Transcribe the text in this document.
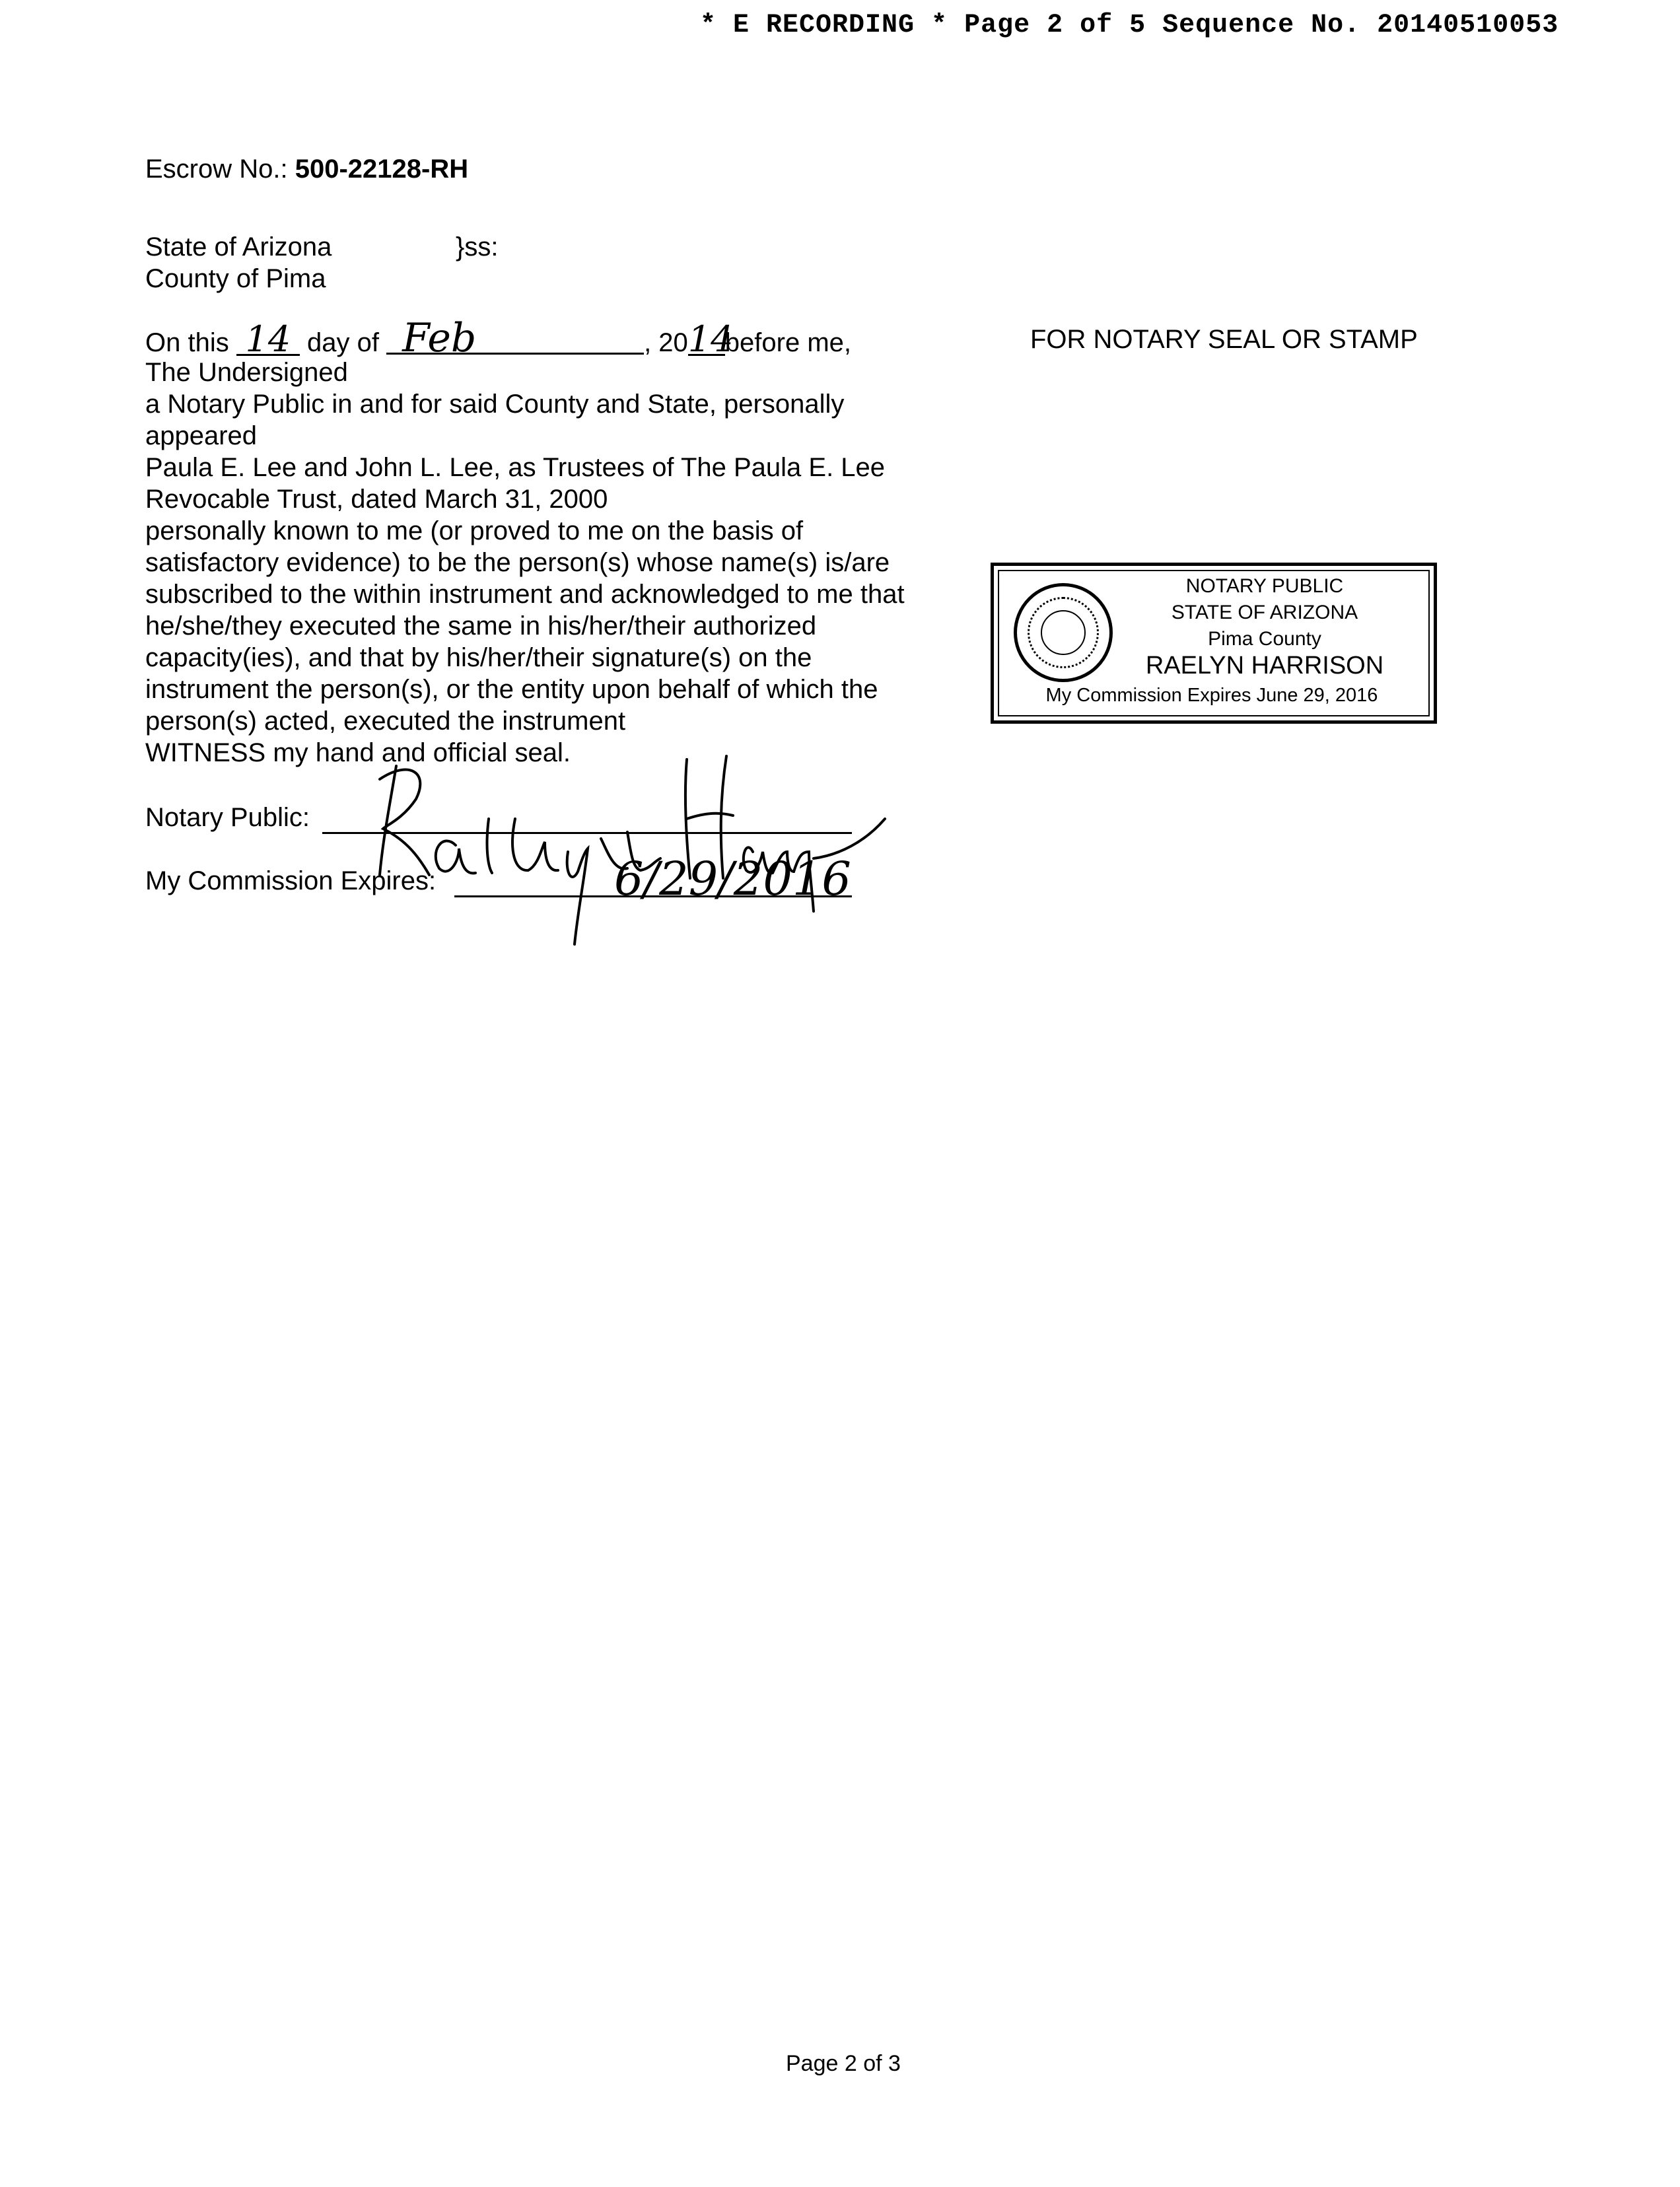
* E RECORDING * Page 2 of 5 Sequence No. 20140510053
Escrow No.: 500-22128-RH
State of Arizona	}ss:
County of Pima
On this 14 day of Feb	, 2014before me,
The Undersigned
a Notary Public in and for said County and State, personally
appeared
Paula E. Lee and John L. Lee, as Trustees of The Paula E. Lee
Revocable Trust, dated March 31, 2000
personally known to me (or proved to me on the basis of
satisfactory evidence) to be the person(s) whose name(s) is/are
subscribed to the within instrument and acknowledged to me that
he/she/they executed the same in his/her/their authorized
capacity(ies), and that by his/her/their signature(s) on the
instrument the person(s), or the entity upon behalf of which the
person(s) acted, executed the instrument
WITNESS my hand and official seal.
Notary Public:
My Commission Expires:	6/29/2016
FOR NOTARY SEAL OR STAMP
NOTARY PUBLIC
STATE OF ARIZONA
Pima County
RAELYN HARRISON
My Commission Expires June 29, 2016
Page 2 of 3
